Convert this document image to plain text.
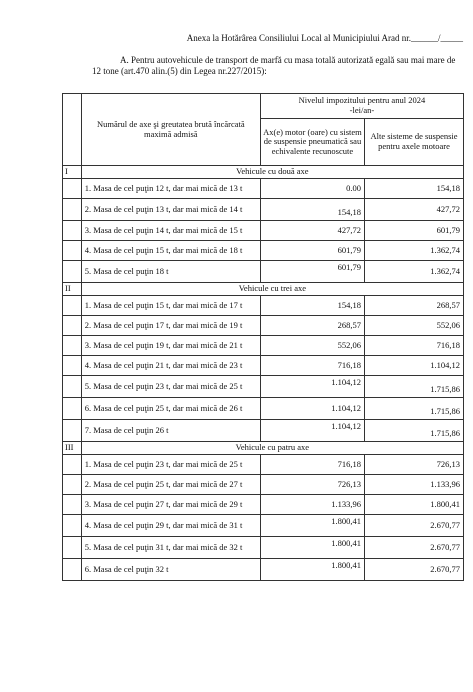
Anexa la Hotărârea Consiliului Local al Municipiului Arad nr.______/_____
A. Pentru autovehicule de transport de marfă cu masa totală autorizată egală sau mai mare de 12 tone (art.470 alin.(5) din Legea nr.227/2015):
	Numărul de axe şi greutatea brută încărcată maximă admisă	Nivelul impozitului pentru anul 2024
-lei/an-	

		Ax(e) motor (oare) cu sistem de suspensie pneumatică sau echivalente recunoscute	Alte sisteme de suspensie pentru axele motoare
I	Vehicule cu două axe		
	1. Masa de cel puţin 12 t, dar mai mică de 13 t	0.00	154,18
	2. Masa de cel puţin 13 t, dar mai mică de 14 t	154,18	427,72
	3. Masa de cel puţin 14 t, dar mai mică de 15 t	427,72	601,79
	4. Masa de cel puţin 15 t, dar mai mică de 18 t	601,79	1.362,74
	5. Masa de cel puţin 18 t	601,79	1.362,74
II	Vehicule cu trei axe		
	1. Masa de cel puţin 15 t, dar mai mică de 17 t	154,18	268,57
	2. Masa de cel puţin 17 t, dar mai mică de 19 t	268,57	552,06
	3. Masa de cel puţin 19 t, dar mai mică de 21 t	552,06	716,18
	4. Masa de cel puţin 21 t, dar mai mică de 23 t	716,18	1.104,12
	5. Masa de cel puţin 23 t, dar mai mică de 25 t	1.104,12	1.715,86
	6. Masa de cel puţin 25 t, dar mai mică de 26 t	1.104,12	1.715,86
	7. Masa de cel puţin 26 t	1.104,12	1.715,86
III	Vehicule cu patru axe		
	1. Masa de cel puţin 23 t, dar mai mică de 25 t	716,18	726,13
	2. Masa de cel puţin 25 t, dar mai mică de 27 t	726,13	1.133,96
	3. Masa de cel puţin 27 t, dar mai mică de 29 t	1.133,96	1.800,41
	4. Masa de cel puţin 29 t, dar mai mică de 31 t	1.800,41	2.670,77
	5. Masa de cel puţin 31 t, dar mai mică de 32 t	1.800,41	2.670,77
	6. Masa de cel puţin 32 t	1.800,41	2.670,77
